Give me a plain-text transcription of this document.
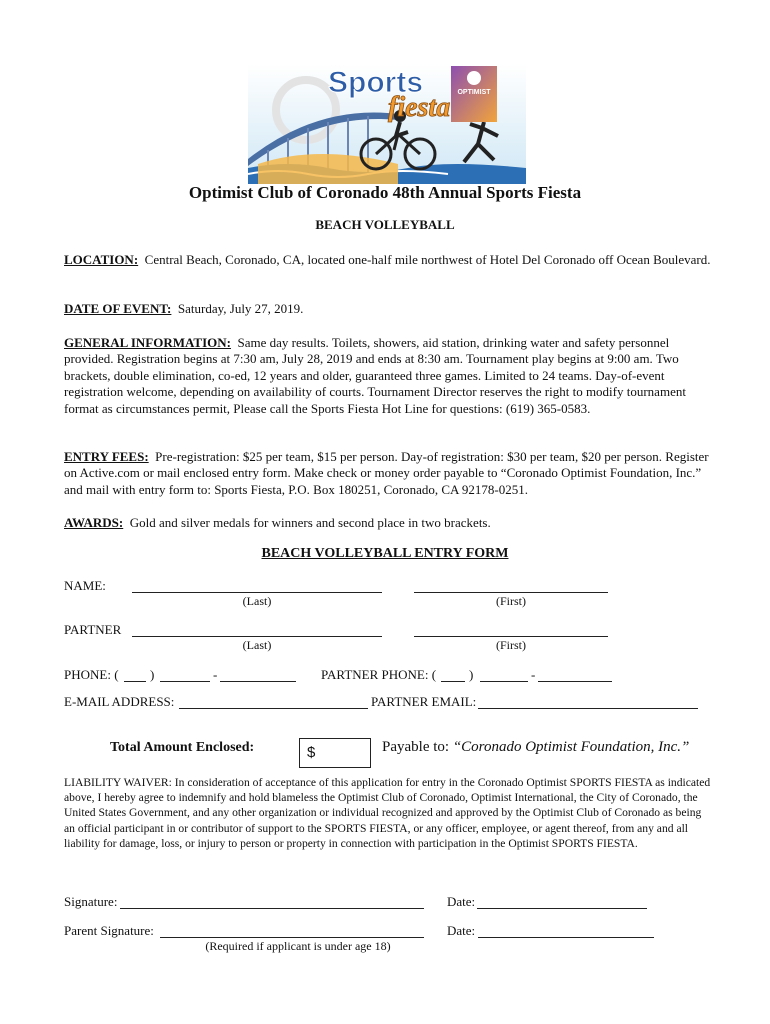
OPTIMIST
Sports
fiesta
Optimist Club of Coronado 48th Annual Sports Fiesta
BEACH VOLLEYBALL
LOCATION: Central Beach, Coronado, CA, located one-half mile northwest of Hotel Del Coronado off Ocean Boulevard.
DATE OF EVENT: Saturday, July 27, 2019.
GENERAL INFORMATION: Same day results. Toilets, showers, aid station, drinking water and safety personnel provided. Registration begins at 7:30 am, July 28, 2019 and ends at 8:30 am. Tournament play begins at 9:00 am. Two brackets, double elimination, co-ed, 12 years and older, guaranteed three games. Limited to 24 teams. Day-of-event registration welcome, depending on availability of courts. Tournament Director reserves the right to modify tournament format as circumstances permit, Please call the Sports Fiesta Hot Line for questions: (619) 365-0583.
ENTRY FEES: Pre-registration: $25 per team, $15 per person. Day-of registration: $30 per team, $20 per person. Register on Active.com or mail enclosed entry form. Make check or money order payable to “Coronado Optimist Foundation, Inc.” and mail with entry form to: Sports Fiesta, P.O. Box 180251, Coronado, CA 92178-0251.
AWARDS: Gold and silver medals for winners and second place in two brackets.
BEACH VOLLEYBALL ENTRY FORM
NAME:
(Last)	(First)
PARTNER
(Last)	(First)
PHONE: ( )	-	PARTNER PHONE: (	)	-
E-MAIL ADDRESS:	PARTNER EMAIL:
Total Amount Enclosed:	$	Payable to: “Coronado Optimist Foundation, Inc.”
LIABILITY WAIVER: In consideration of acceptance of this application for entry in the Coronado Optimist SPORTS FIESTA as indicated above, I hereby agree to indemnify and hold blameless the Optimist Club of Coronado, Optimist International, the City of Coronado, the United States Government, and any other organization or individual recognized and approved by the Optimist Club of Coronado as being an official participant in or contributor of support to the SPORTS FIESTA, or any officer, employee, or agent thereof, from any and all liability for damage, loss, or injury to person or property in connection with participation in the Optimist SPORTS FIESTA.
Signature:	Date:
Parent Signature:	Date:
(Required if applicant is under age 18)
